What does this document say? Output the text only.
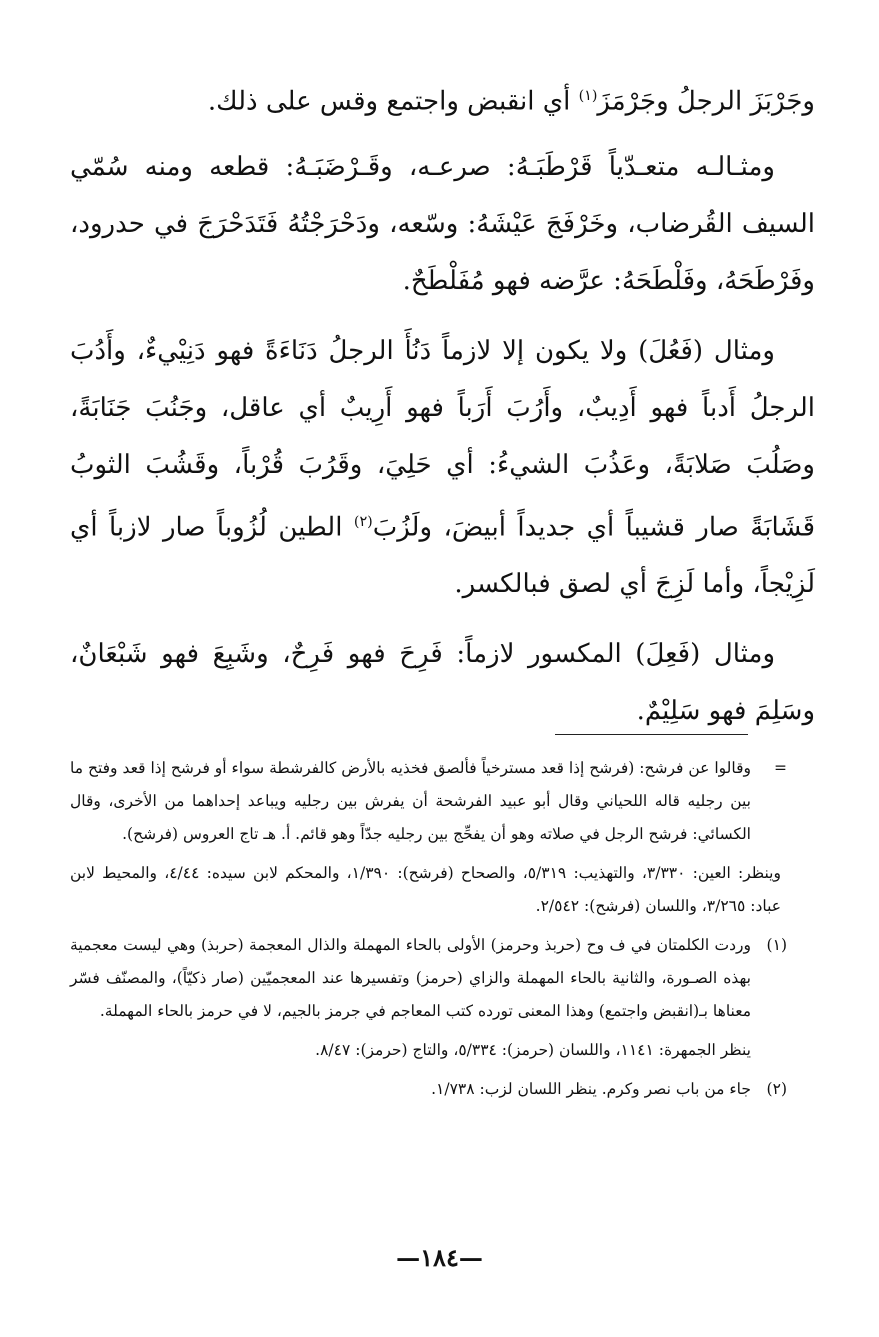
وجَرْبَزَ الرجلُ وجَرْمَزَ$^{(١)}$ أي انقبض واجتمع وقس على ذلك.

ومثـالـه متعـدّياً قَرْطَبَـهُ: صرعـه، وقَـرْضَبَـهُ: قطعه ومنه سُمّي السيف القُرضاب، وخَرْفَجَ عَيْشَهُ: وسّعه، ودَحْرَجْتُهُ فَتَدَحْرَجَ في حدرود، وفَرْطَحَهُ، وفَلْطَحَهُ: عرَّضه فهو مُفَلْطَحٌ.

ومثال (فَعُلَ) ولا يكون إلا لازماً دَنُأَ الرجلُ دَنَاءَةً فهو دَنِيْيءٌ، وأَدُبَ الرجلُ أَدباً فهو أَدِيبٌ، وأَرُبَ أَرَباً فهو أَرِيبٌ أي عاقل، وجَنُبَ جَنَابَةً، وصَلُبَ صَلابَةً، وعَذُبَ الشيءُ: أي حَلِيَ، وقَرُبَ قُرْباً، وقَشُبَ الثوبُ قَشَابَةً صار قشيباً أي جديداً أبيضَ، ولَزُبَ$^{(٢)}$ الطين لُزُوباً صار لازباً أي لَزِيْجاً، وأما لَزِجَ أي لصق فبالكسر.

ومثال (فَعِلَ) المكسور لازماً: فَرِحَ فهو فَرِحٌ، وشَبِعَ فهو شَبْعَانٌ، وسَلِمَ فهو سَلِيْمٌ.

=وقالوا عن فرشح: (فرشح إذا قعد مسترخياً فألصق فخذيه بالأرض كالفرشطة سواء أو فرشح إذا قعد وفتح ما بين رجليه قاله اللحياني وقال أبو عبيد الفرشحة أن يفرش بين رجليه ويباعد إحداهما من الأخرى، وقال الكسائي: فرشح الرجل في صلاته وهو أن يفحِّج بين رجليه جدّاً وهو قائم. أ. هـ تاج العروس (فرشح).

وينظر: العين: ٣/٣٣٠، والتهذيب: ٥/٣١٩، والصحاح (فرشح): ١/٣٩٠، والمحكم لابن سيده: ٤/٤٤، والمحيط لابن عباد: ٣/٢٦٥، واللسان (فرشح): ٢/٥٤٢.

(١)وردت الكلمتان في ف وح (حربذ وحرمز) الأولى بالحاء المهملة والذال المعجمة (حربذ) وهي ليست معجمية بهذه الصـورة، والثانية بالحاء المهملة والزاي (حرمز) وتفسيرها عند المعجميّين (صار ذكيّاً)، والمصنّف فسّر معناها بـ(انقبض واجتمع) وهذا المعنى تورده كتب المعاجم في جرمز بالجيم، لا في حرمز بالحاء المهملة.

ينظر الجمهرة: ١١٤١، واللسان (حرمز): ٥/٣٣٤، والتاج (حرمز): ٨/٤٧.

(٢)جاء من باب نصر وكرم. ينظر اللسان لزب: ١/٧٣٨.

—١٨٤—
